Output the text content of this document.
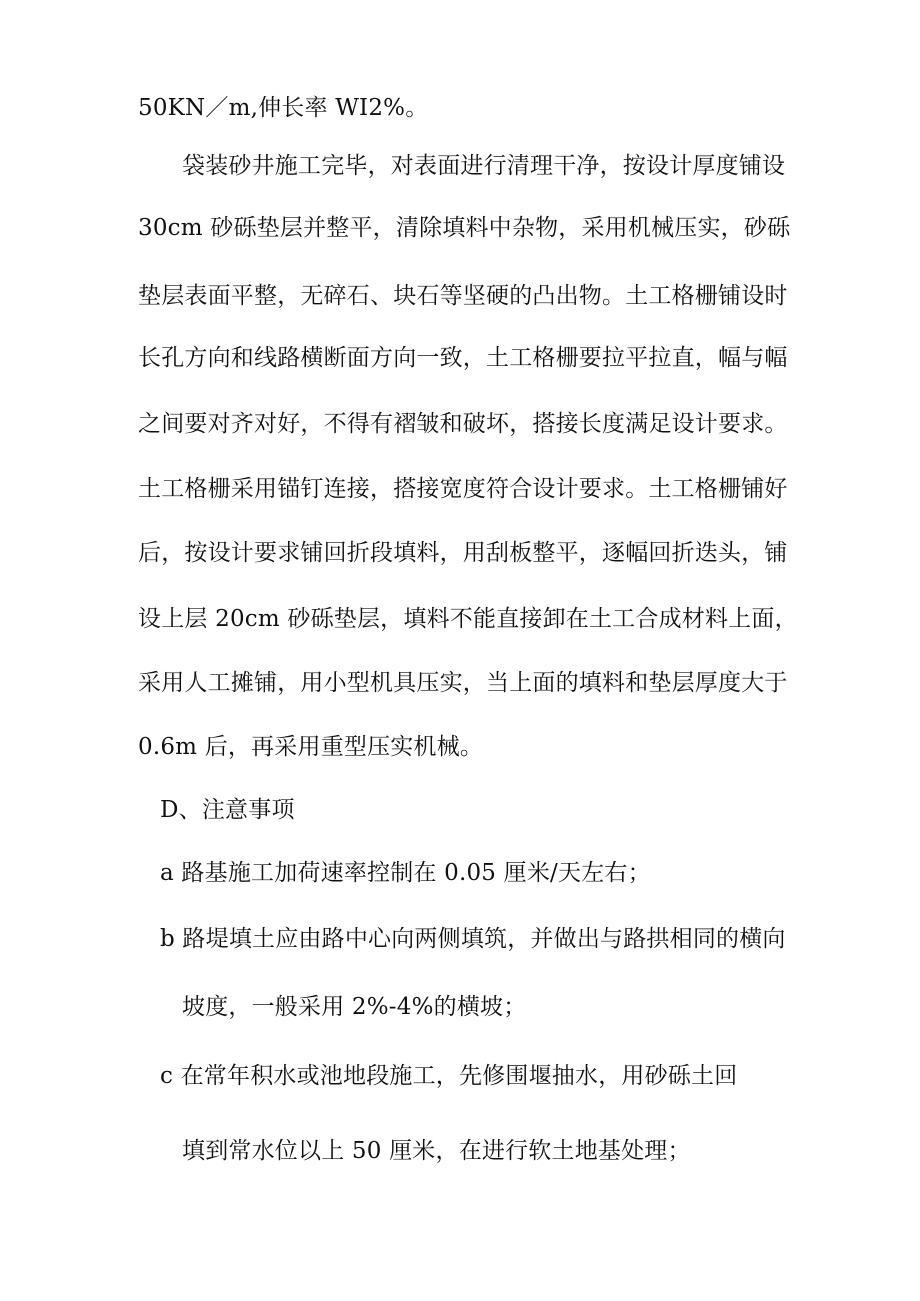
50KN／m,伸长率 WI2%。
袋装砂井施工完毕，对表面进行清理干净，按设计厚度铺设
30cm 砂砾垫层并整平，清除填料中杂物，采用机械压实，砂砾
垫层表面平整，无碎石、块石等坚硬的凸出物。土工格栅铺设时
长孔方向和线路横断面方向一致，土工格栅要拉平拉直，幅与幅
之间要对齐对好，不得有褶皱和破坏，搭接长度满足设计要求。
土工格栅采用锚钉连接，搭接宽度符合设计要求。土工格栅铺好
后，按设计要求铺回折段填料，用刮板整平，逐幅回折迭头，铺
设上层 20cm 砂砾垫层，填料不能直接卸在土工合成材料上面，
采用人工摊铺，用小型机具压实，当上面的填料和垫层厚度大于
0.6m 后，再采用重型压实机械。
D、注意事项
a 路基施工加荷速率控制在 0.05 厘米/天左右；
b 路堤填土应由路中心向两侧填筑，并做出与路拱相同的横向
坡度，一般采用 2%-4%的横坡；
c 在常年积水或池地段施工，先修围堰抽水，用砂砾土回
填到常水位以上 50 厘米，在进行软土地基处理；
